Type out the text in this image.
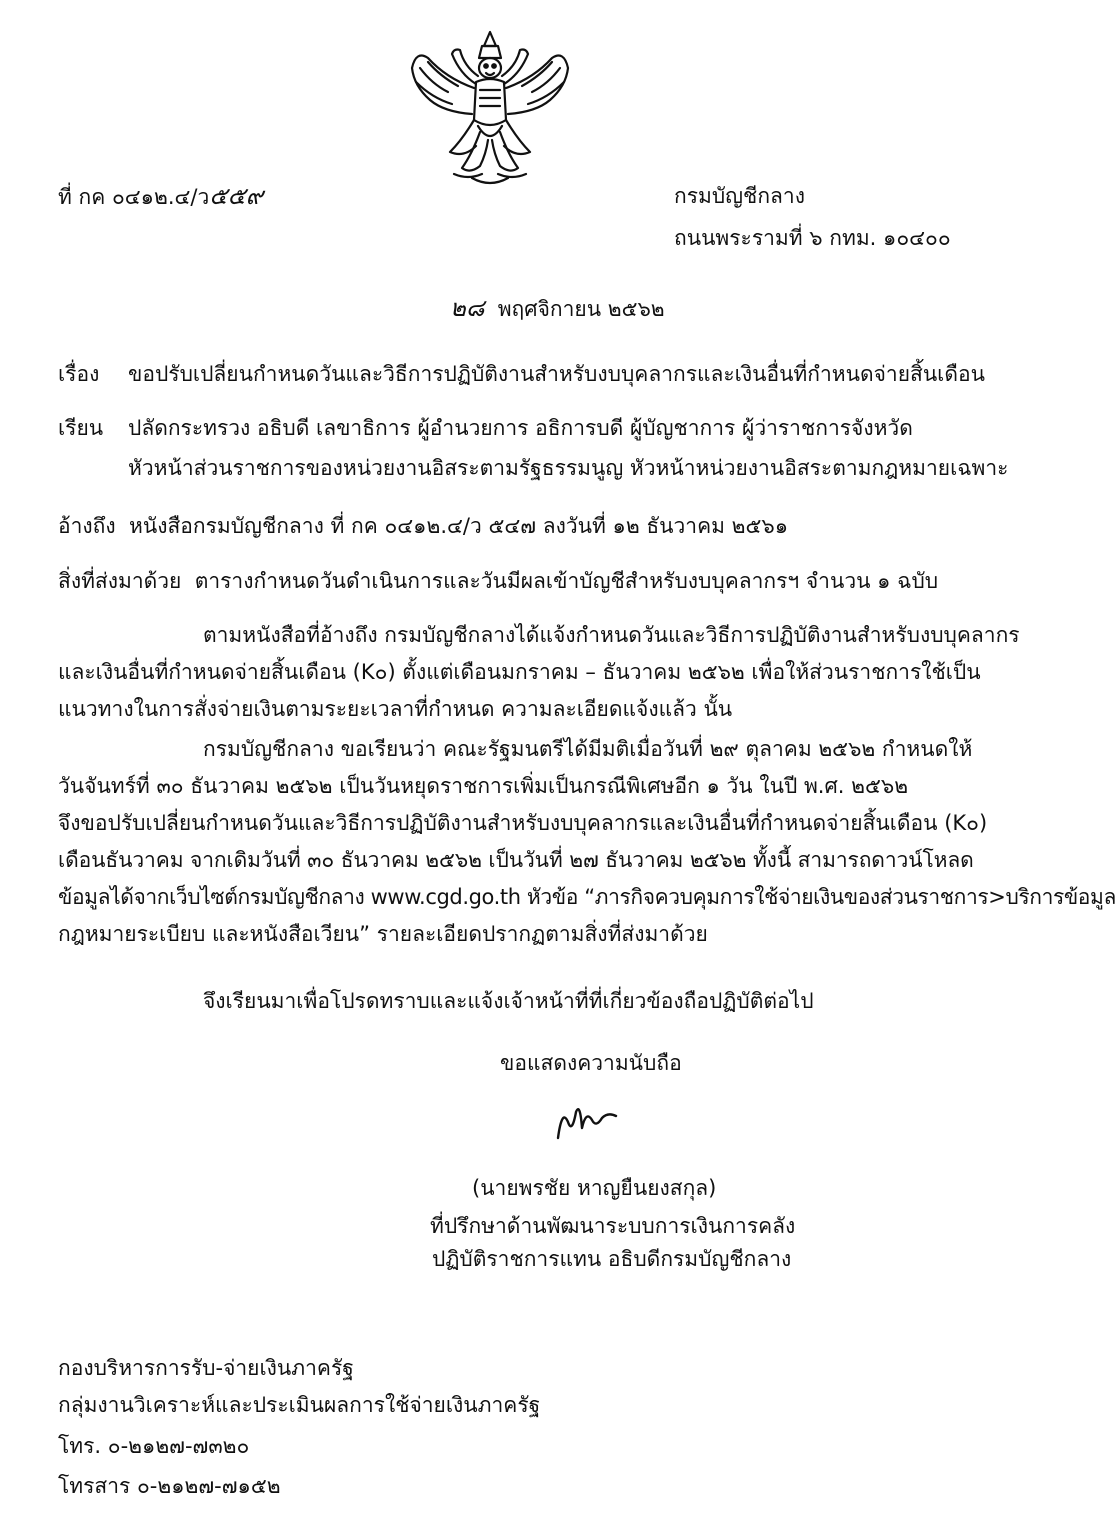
ที่ กค ๐๔๑๒.๔/ว๕๕๙	กรมบัญชีกลาง
ถนนพระรามที่ ๖ กทม. ๑๐๔๐๐
๒๘ พฤศจิกายน ๒๕๖๒
เรื่อง ขอปรับเปลี่ยนกำหนดวันและวิธีการปฏิบัติงานสำหรับงบบุคลากรและเงินอื่นที่กำหนดจ่ายสิ้นเดือน
เรียน ปลัดกระทรวง อธิบดี เลขาธิการ ผู้อำนวยการ อธิการบดี ผู้บัญชาการ ผู้ว่าราชการจังหวัด
หัวหน้าส่วนราชการของหน่วยงานอิสระตามรัฐธรรมนูญ หัวหน้าหน่วยงานอิสระตามกฎหมายเฉพาะ
อ้างถึง หนังสือกรมบัญชีกลาง ที่ กค ๐๔๑๒.๔/ว ๕๔๗ ลงวันที่ ๑๒ ธันวาคม ๒๕๖๑
สิ่งที่ส่งมาด้วย ตารางกำหนดวันดำเนินการและวันมีผลเข้าบัญชีสำหรับงบบุคลากรฯ จำนวน ๑ ฉบับ
ตามหนังสือที่อ้างถึง กรมบัญชีกลางได้แจ้งกำหนดวันและวิธีการปฏิบัติงานสำหรับงบบุคลากร
และเงินอื่นที่กำหนดจ่ายสิ้นเดือน (K๐) ตั้งแต่เดือนมกราคม – ธันวาคม ๒๕๖๒ เพื่อให้ส่วนราชการใช้เป็น
แนวทางในการสั่งจ่ายเงินตามระยะเวลาที่กำหนด ความละเอียดแจ้งแล้ว นั้น
กรมบัญชีกลาง ขอเรียนว่า คณะรัฐมนตรีได้มีมติเมื่อวันที่ ๒๙ ตุลาคม ๒๕๖๒ กำหนดให้
วันจันทร์ที่ ๓๐ ธันวาคม ๒๕๖๒ เป็นวันหยุดราชการเพิ่มเป็นกรณีพิเศษอีก ๑ วัน ในปี พ.ศ. ๒๕๖๒
จึงขอปรับเปลี่ยนกำหนดวันและวิธีการปฏิบัติงานสำหรับงบบุคลากรและเงินอื่นที่กำหนดจ่ายสิ้นเดือน (K๐)
เดือนธันวาคม จากเดิมวันที่ ๓๐ ธันวาคม ๒๕๖๒ เป็นวันที่ ๒๗ ธันวาคม ๒๕๖๒ ทั้งนี้ สามารถดาวน์โหลด
ข้อมูลได้จากเว็บไซต์กรมบัญชีกลาง www.cgd.go.th หัวข้อ “ภารกิจควบคุมการใช้จ่ายเงินของส่วนราชการ>บริการข้อมูล
กฎหมายระเบียบ และหนังสือเวียน” รายละเอียดปรากฏตามสิ่งที่ส่งมาด้วย
จึงเรียนมาเพื่อโปรดทราบและแจ้งเจ้าหน้าที่ที่เกี่ยวข้องถือปฏิบัติต่อไป
ขอแสดงความนับถือ
(นายพรชัย หาญยืนยงสกุล)
ที่ปรึกษาด้านพัฒนาระบบการเงินการคลัง
ปฏิบัติราชการแทน อธิบดีกรมบัญชีกลาง
กองบริหารการรับ-จ่ายเงินภาครัฐ
กลุ่มงานวิเคราะห์และประเมินผลการใช้จ่ายเงินภาครัฐ
โทร. ๐-๒๑๒๗-๗๓๒๐
โทรสาร ๐-๒๑๒๗-๗๑๕๒
